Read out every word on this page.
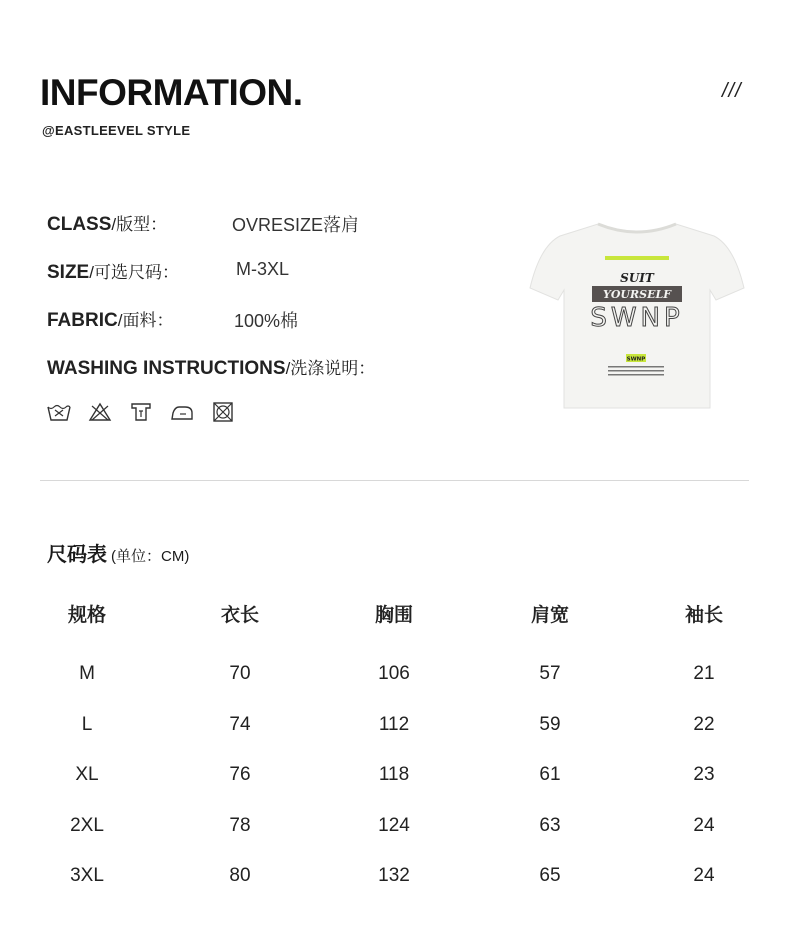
INFORMATION.
@EASTLEEVEL STYLE
///
CLASS/版型：	OVRESIZE落肩
SIZE/可选尺码：	M-3XL
FABRIC/面料：	100%棉
WASHING INSTRUCTIONS/洗涤说明：
SUIT
YOURSELF
SWNP
SWNP
尺码表 (单位：CM)
规格	衣长	胸围	肩宽	袖长
M	70	106	57	21
L	74	112	59	22
XL	76	118	61	23
2XL	78	124	63	24
3XL	80	132	65	24
